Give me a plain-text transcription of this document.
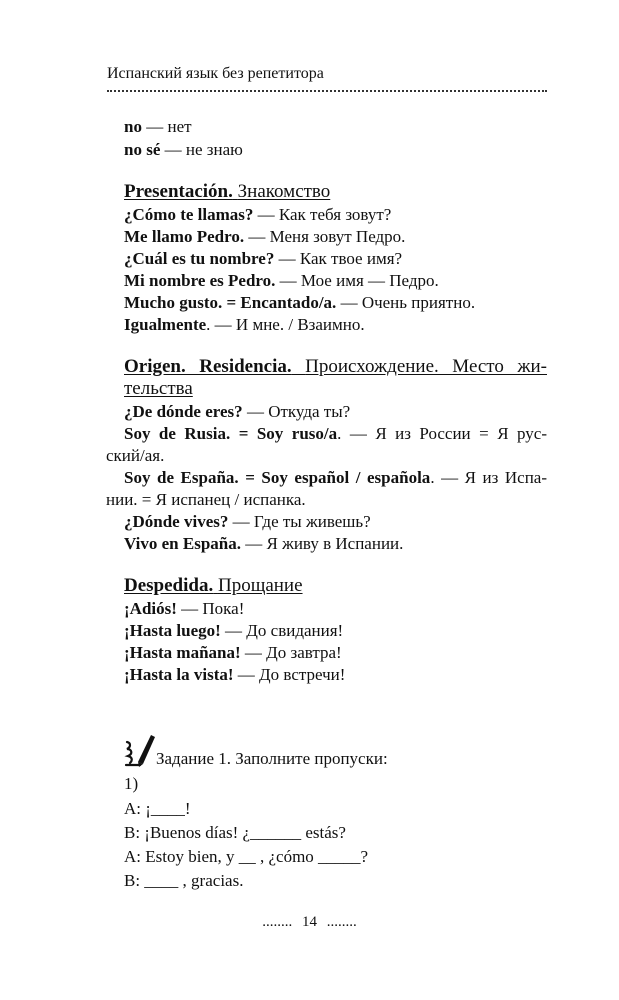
Испанский язык без репетитора
no — нет
no sé — не знаю
Presentación. Знакомство
¿Cómo te llamas? — Как тебя зовут?
Me llamo Pedro. — Меня зовут Педро.
¿Cuál es tu nombre? — Как твое имя?
Mi nombre es Pedro. — Мое имя — Педро.
Mucho gusto. = Encantado/a. — Очень приятно.
Igualmente. — И мне. / Взаимно.
Origen. Residencia. Происхождение. Место жи-
тельства
¿De dónde eres? — Откуда ты?
Soy de Rusia. = Soy ruso/a. — Я из России = Я рус-
ский/ая.
Soy de España. = Soy español / española. — Я из Испа-
нии. = Я испанец / испанка.
¿Dónde vives? — Где ты живешь?
Vivo en España. — Я живу в Испании.
Despedida. Прощание
¡Adiós! — Пока!
¡Hasta luego! — До свидания!
¡Hasta mañana! — До завтра!
¡Hasta la vista! — До встречи!
Задание 1. Заполните пропуски:
1)
A: ¡____!
B: ¡Buenos días! ¿______ estás?
A: Estoy bien, y __ , ¿cómo _____?
B: ____ , gracias.
........ 14 ........
